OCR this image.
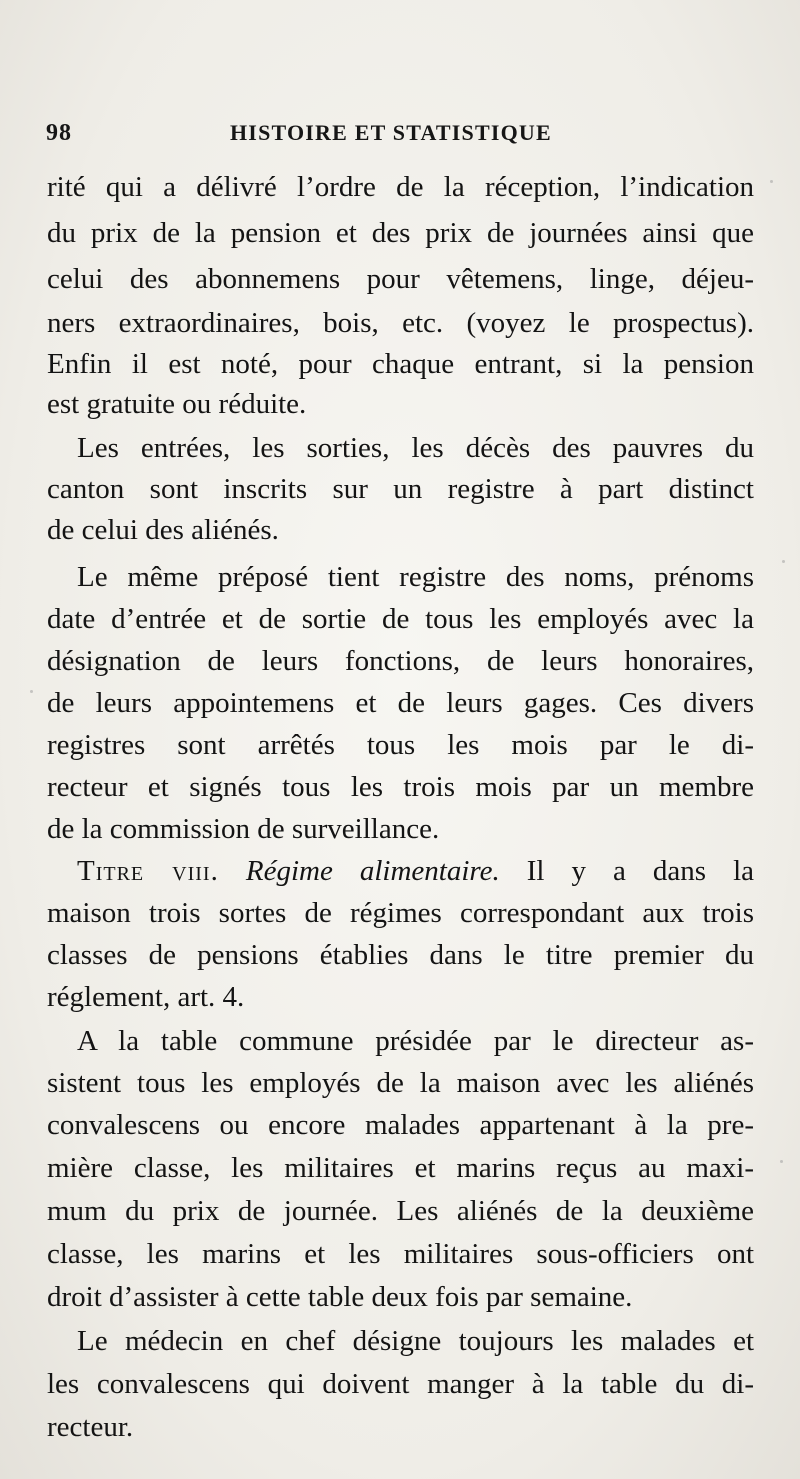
98	HISTOIRE ET STATISTIQUE
rité qui a délivré l’ordre de la réception, l’indication
du prix de la pension et des prix de journées ainsi que
celui des abonnemens pour vêtemens, linge, déjeu-
ners extraordinaires, bois, etc. (voyez le prospectus).
Enfin il est noté, pour chaque entrant, si la pension
est gratuite ou réduite.
Les entrées, les sorties, les décès des pauvres du
canton sont inscrits sur un registre à part distinct
de celui des aliénés.
Le même préposé tient registre des noms, prénoms
date d’entrée et de sortie de tous les employés avec la
désignation de leurs fonctions, de leurs honoraires,
de leurs appointemens et de leurs gages. Ces divers
registres sont arrêtés tous les mois par le di-
recteur et signés tous les trois mois par un membre
de la commission de surveillance.
Titre viii. Régime alimentaire. Il y a dans la
maison trois sortes de régimes correspondant aux trois
classes de pensions établies dans le titre premier du
réglement, art. 4.
A la table commune présidée par le directeur as-
sistent tous les employés de la maison avec les aliénés
convalescens ou encore malades appartenant à la pre-
mière classe, les militaires et marins reçus au maxi-
mum du prix de journée. Les aliénés de la deuxième
classe, les marins et les militaires sous-officiers ont
droit d’assister à cette table deux fois par semaine.
Le médecin en chef désigne toujours les malades et
les convalescens qui doivent manger à la table du di-
recteur.
